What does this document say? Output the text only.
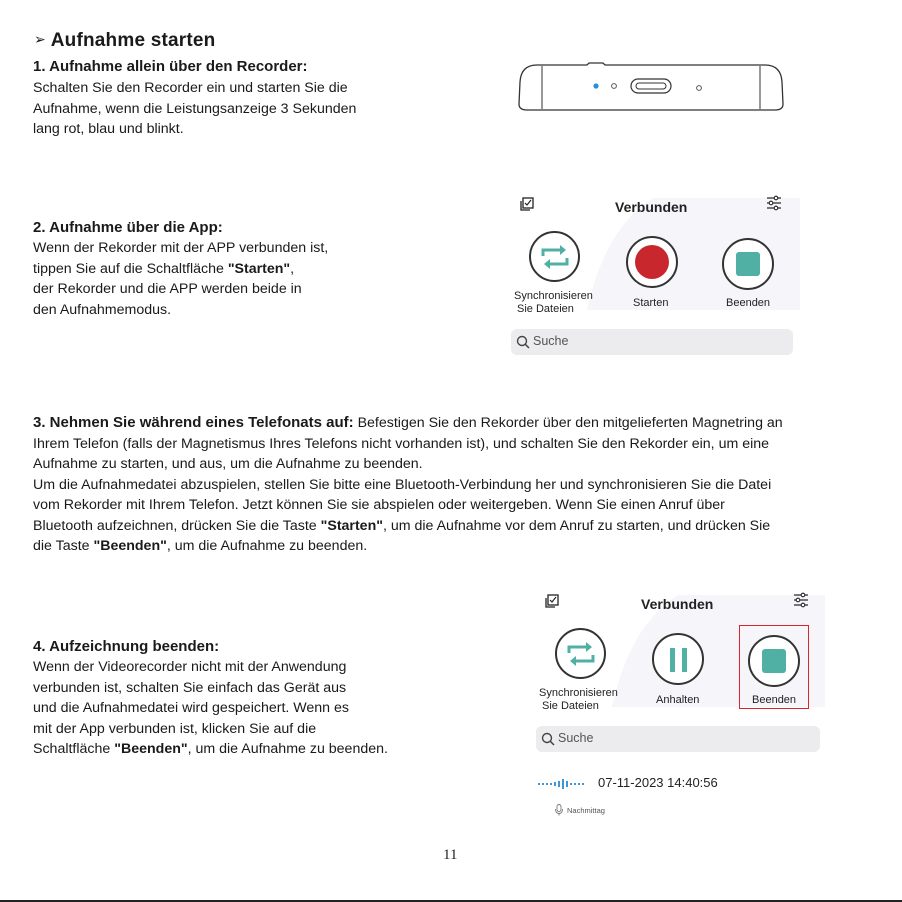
➢ Aufnahme starten
1. Aufnahme allein über den Recorder:
Schalten Sie den Recorder ein und starten Sie die
Aufnahme, wenn die Leistungsanzeige 3 Sekunden
lang rot, blau und blinkt.
2. Aufnahme über die App:
Wenn der Rekorder mit der APP verbunden ist,
tippen Sie auf die Schaltfläche "Starten",
der Rekorder und die APP werden beide in
den Aufnahmemodus.
Verbunden
Synchronisieren
Sie Dateien	Starten	Beenden
Suche
3. Nehmen Sie während eines Telefonats auf: Befestigen Sie den Rekorder über den mitgelieferten Magnetring an
Ihrem Telefon (falls der Magnetismus Ihres Telefons nicht vorhanden ist), und schalten Sie den Rekorder ein, um eine
Aufnahme zu starten, und aus, um die Aufnahme zu beenden.
Um die Aufnahmedatei abzuspielen, stellen Sie bitte eine Bluetooth-Verbindung her und synchronisieren Sie die Datei
vom Rekorder mit Ihrem Telefon. Jetzt können Sie sie abspielen oder weitergeben. Wenn Sie einen Anruf über
Bluetooth aufzeichnen, drücken Sie die Taste "Starten", um die Aufnahme vor dem Anruf zu starten, und drücken Sie
die Taste "Beenden", um die Aufnahme zu beenden.
4. Aufzeichnung beenden:
Wenn der Videorecorder nicht mit der Anwendung
verbunden ist, schalten Sie einfach das Gerät aus
und die Aufnahmedatei wird gespeichert. Wenn es
mit der App verbunden ist, klicken Sie auf die
Schaltfläche "Beenden", um die Aufnahme zu beenden.
Verbunden
Synchronisieren
Sie Dateien	Anhalten	Beenden
Suche
07-11-2023 14:40:56
Nachmittag
11
